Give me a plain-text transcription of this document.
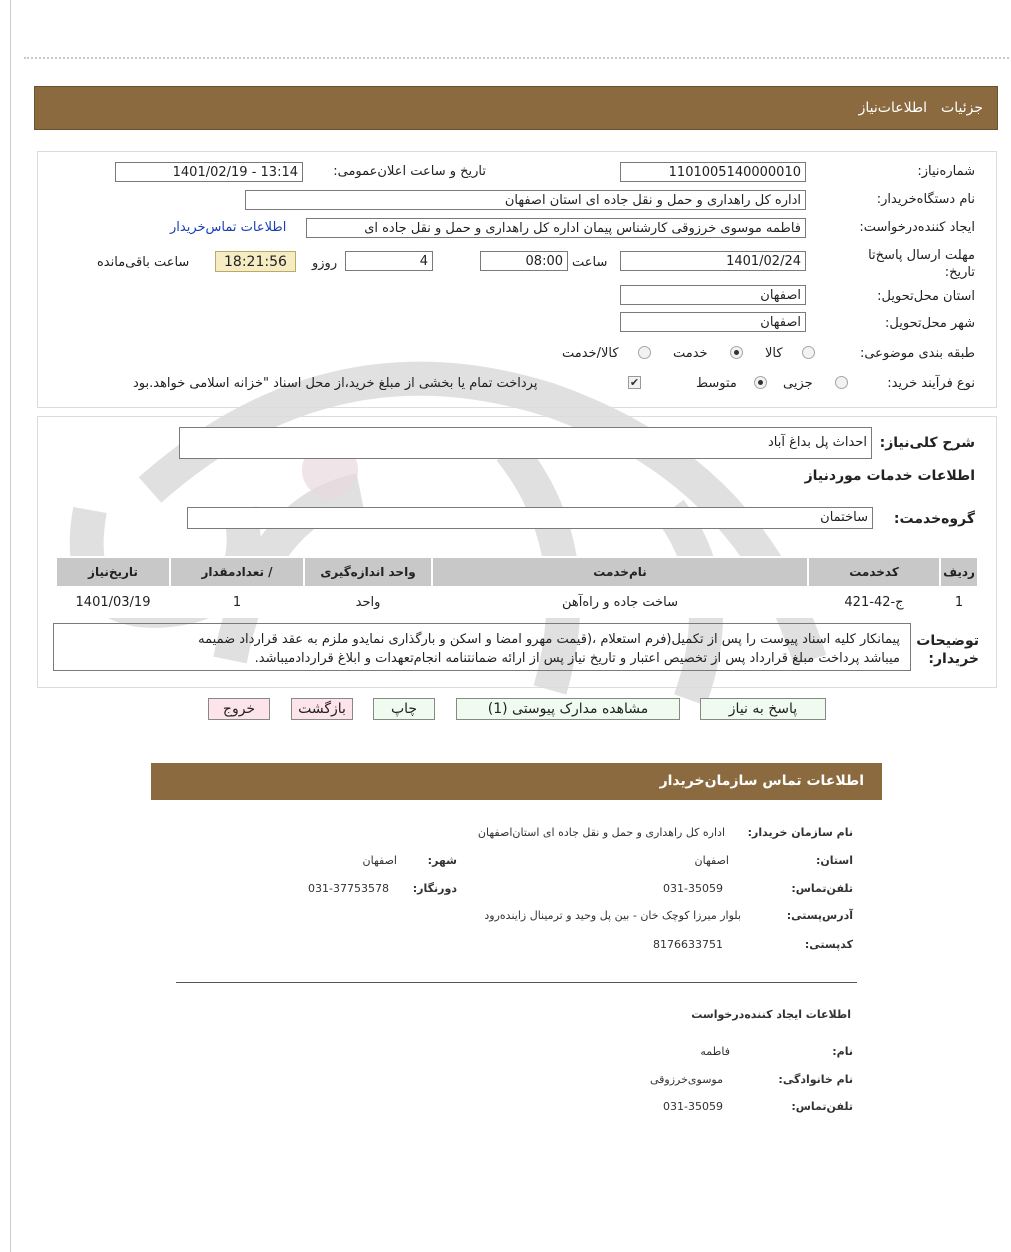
جزئیات
اطلاعات‌نیاز
شماره‌نیاز:
1101005140000010
تاریخ و ساعت اعلان‌عمومی:
1401/02/19 - 13:14
نام دستگاه‌خریدار:
اداره کل راهداری و حمل و نقل جاده ای استان اصفهان
ایجاد کننده‌درخواست:
فاطمه موسوی خرزوقی کارشناس پیمان اداره کل راهداری و حمل و نقل جاده ای
اطلاعات تماس‌خریدار
مهلت ارسال پاسخ‌تا تاریخ:
1401/02/24
ساعت
08:00
4
روزو
18:21:56
ساعت باقی‌مانده
استان محل‌تحویل:
اصفهان
شهر محل‌تحویل:
اصفهان
طبقه بندی موضوعی:
کالا
خدمت
کالا/خدمت
نوع فرآیند خرید:
جزیی
متوسط
✔
پرداخت تمام یا بخشی از مبلغ خرید،از محل اسناد "خزانه اسلامی خواهد.بود
شرح کلی‌نیاز:
احداث پل بداغ آباد
اطلاعات خدمات موردنیاز
گروه‌خدمت:
ساختمان
ردیف	کدخدمت	نام‌خدمت	واحد اندازه‌گیری	/ تعدادمقدار	تاریخ‌نیاز
1	ج-42-421	ساخت جاده و راه‌آهن	واحد	1	1401/03/19
توضیحات خریدار:
پیمانکار کلیه اسناد پیوست را پس از تکمیل(فرم استعلام ،(قیمت مهرو امضا و اسکن و بارگذاری نمایدو ملزم به عقد قرارداد ضمیمه
میباشد پرداخت مبلغ قرارداد پس از تخصیص اعتبار و تاریخ نیاز پس از ارائه ضمانتنامه انجام‌تعهدات و ابلاغ قراردادمیباشد.
پاسخ به نیاز
مشاهده مدارک پیوستی (1)
چاپ
بازگشت
خروج
اطلاعات تماس سازمان‌خریدار
نام سازمان خریدار:
اداره کل راهداری و حمل و نقل جاده ای استان‌اصفهان
استان:
اصفهان
شهر:
اصفهان
تلفن‌تماس:
031-35059
دورنگار:
031-37753578
آدرس‌پستی:
بلوار میرزا کوچک خان - بین پل وحید و ترمینال زاینده‌رود
کدپستی:
8176633751
اطلاعات ایجاد کننده‌درخواست
نام:
فاطمه
نام خانوادگی:
موسوی‌خرزوقی
تلفن‌تماس:
031-35059
